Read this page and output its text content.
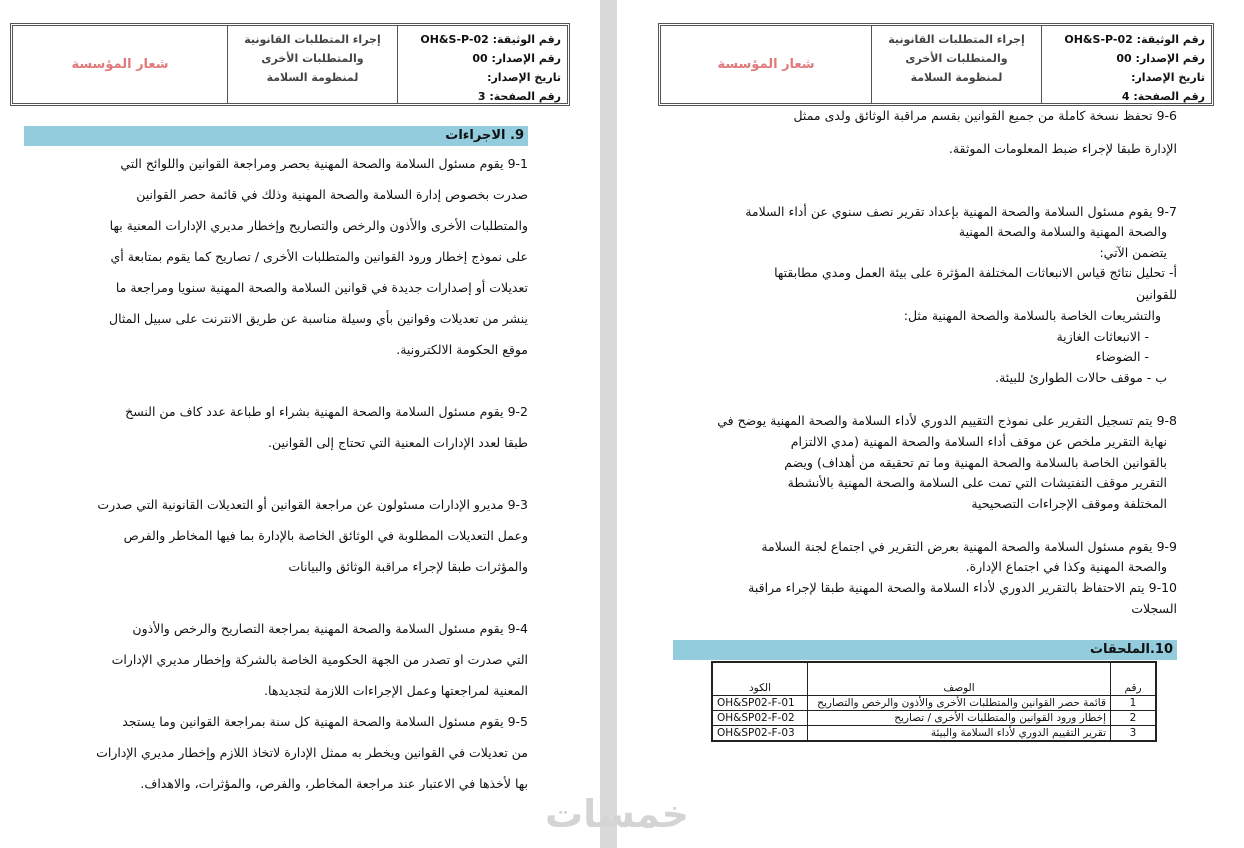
رقم الوثيقة: OH&S-P-02
رقم الإصدار: 00
تاريخ الإصدار:
رقم الصفحة: 3
إجراء المتطلبات القانونية
والمتطلبات الأخرى
لمنظومة السلامة
شعار المؤسسة
9. الاجراءات

9-1 يقوم مسئول السلامة والصحة المهنية بحصر ومراجعة القوانين واللوائح التي

صدرت بخصوص إدارة السلامة والصحة المهنية وذلك في قائمة حصر القوانين

والمتطلبات الأخرى والأذون والرخص والتصاريح وإخطار مديري الإدارات المعنية بها

على نموذج إخطار ورود القوانين والمتطلبات الأخرى / تصاريح كما يقوم بمتابعة أي

تعديلات أو إصدارات جديدة في قوانين السلامة والصحة المهنية سنويا ومراجعة ما

ينشر من تعديلات وقوانين بأي وسيلة مناسبة عن طريق الانترنت على سبيل المثال

موقع الحكومة الالكترونية.

9-2 يقوم مسئول السلامة والصحة المهنية بشراء او طباعة عدد كاف من النسخ

طبقا لعدد الإدارات المعنية التي تحتاج إلى القوانين.

9-3 مديرو الإدارات مسئولون عن مراجعة القوانين أو التعديلات القانونية التي صدرت

وعمل التعديلات المطلوبة في الوثائق الخاصة بالإدارة بما فيها المخاطر والفرص

والمؤثرات طبقا لإجراء مراقبة الوثائق والبيانات

9-4 يقوم مسئول السلامة والصحة المهنية بمراجعة التصاريح والرخص والأذون

التي صدرت او تصدر من الجهة الحكومية الخاصة بالشركة وإخطار مديري الإدارات

المعنية لمراجعتها وعمل الإجراءات اللازمة لتجديدها.

9-5 يقوم مسئول السلامة والصحة المهنية كل سنة بمراجعة القوانين وما يستجد

من تعديلات في القوانين ويخطر به ممثل الإدارة لاتخاذ اللازم وإخطار مديري الإدارات

بها لأخذها في الاعتبار عند مراجعة المخاطر، والفرص، والمؤثرات، والاهداف.

رقم الوثيقة: OH&S-P-02
رقم الإصدار: 00
تاريخ الإصدار:
رقم الصفحة: 4
إجراء المتطلبات القانونية
والمتطلبات الأخرى
لمنظومة السلامة
شعار المؤسسة
9-6 تحفظ نسخة كاملة من جميع القوانين بقسم مراقبة الوثائق ولدى ممثل
الإدارة طبقا لإجراء ضبط المعلومات الموثقة.
9-7 يقوم مسئول السلامة والصحة المهنية بإعداد تقرير نصف سنوي عن أداء السلامة
والصحة المهنية والسلامة والصحة المهنية
يتضمن الآتي:
أ- تحليل نتائج قياس الانبعاثات المختلفة المؤثرة على بيئة العمل ومدي مطابقتها
للقوانين
والتشريعات الخاصة بالسلامة والصحة المهنية مثل:
- الانبعاثات الغازية
- الضوضاء
ب - موقف حالات الطوارئ للبيئة.
9-8 يتم تسجيل التقرير على نموذج التقييم الدوري لأداء السلامة والصحة المهنية يوضح في
نهاية التقرير ملخص عن موقف أداء السلامة والصحة المهنية (مدي الالتزام
بالقوانين الخاصة بالسلامة والصحة المهنية وما تم تحقيقه من أهداف) ويضم
التقرير موقف التفتيشات التي تمت على السلامة والصحة المهنية بالأنشطة
المختلفة وموقف الإجراءات التصحيحية
9-9 يقوم مسئول السلامة والصحة المهنية بعرض التقرير في اجتماع لجنة السلامة
والصحة المهنية وكذا في اجتماع الإدارة.
9-10 يتم الاحتفاظ بالتقرير الدوري لأداء السلامة والصحة المهنية طبقا لإجراء مراقبة
السجلات
10.الملحقات
رقم	الوصف	الكود
1	قائمة حصر القوانين والمتطلبات الأخرى والأذون والرخص والتصاريح	OH&SP02-F-01
2	إخطار ورود القوانين والمتطلبات الأخرى / تصاريح	OH&SP02-F-02
3	تقرير التقييم الدوري لأداء السلامة والبيئة	OH&SP02-F-03
خمسات
